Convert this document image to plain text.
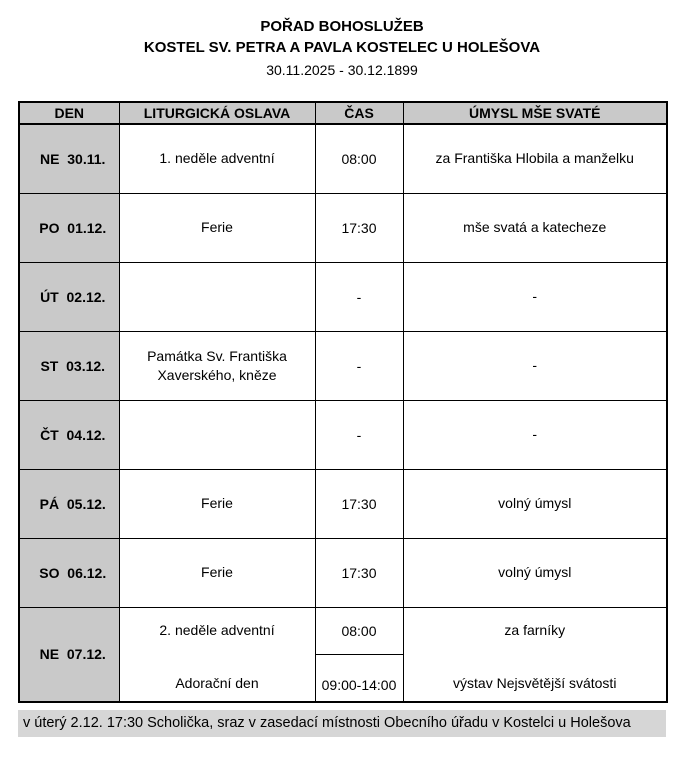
POŘAD BOHOSLUŽEB
KOSTEL SV. PETRA A PAVLA KOSTELEC U HOLEŠOVA
30.11.2025 - 30.12.1899
DEN	LITURGICKÁ OSLAVA	ČAS	ÚMYSL MŠE SVATÉ
NE  30.11.	1. neděle adventní	08:00	za Františka Hlobila a manželku
PO  01.12.	Ferie	17:30	mše svatá a katecheze
ÚT  02.12.		-	-
ST  03.12.	Památka Sv. Františka Xaverského, kněze	-	-
ČT  04.12.		-	-
PÁ  05.12.	Ferie	17:30	volný úmysl
SO  06.12.	Ferie	17:30	volný úmysl
NE  07.12.	2. neděle adventní	08:00	za farníky
	Adorační den	09:00-14:00	výstav Nejsvětější svátosti
v úterý 2.12. 17:30 Scholička, sraz v zasedací místnosti Obecního úřadu v Kostelci u Holešova
